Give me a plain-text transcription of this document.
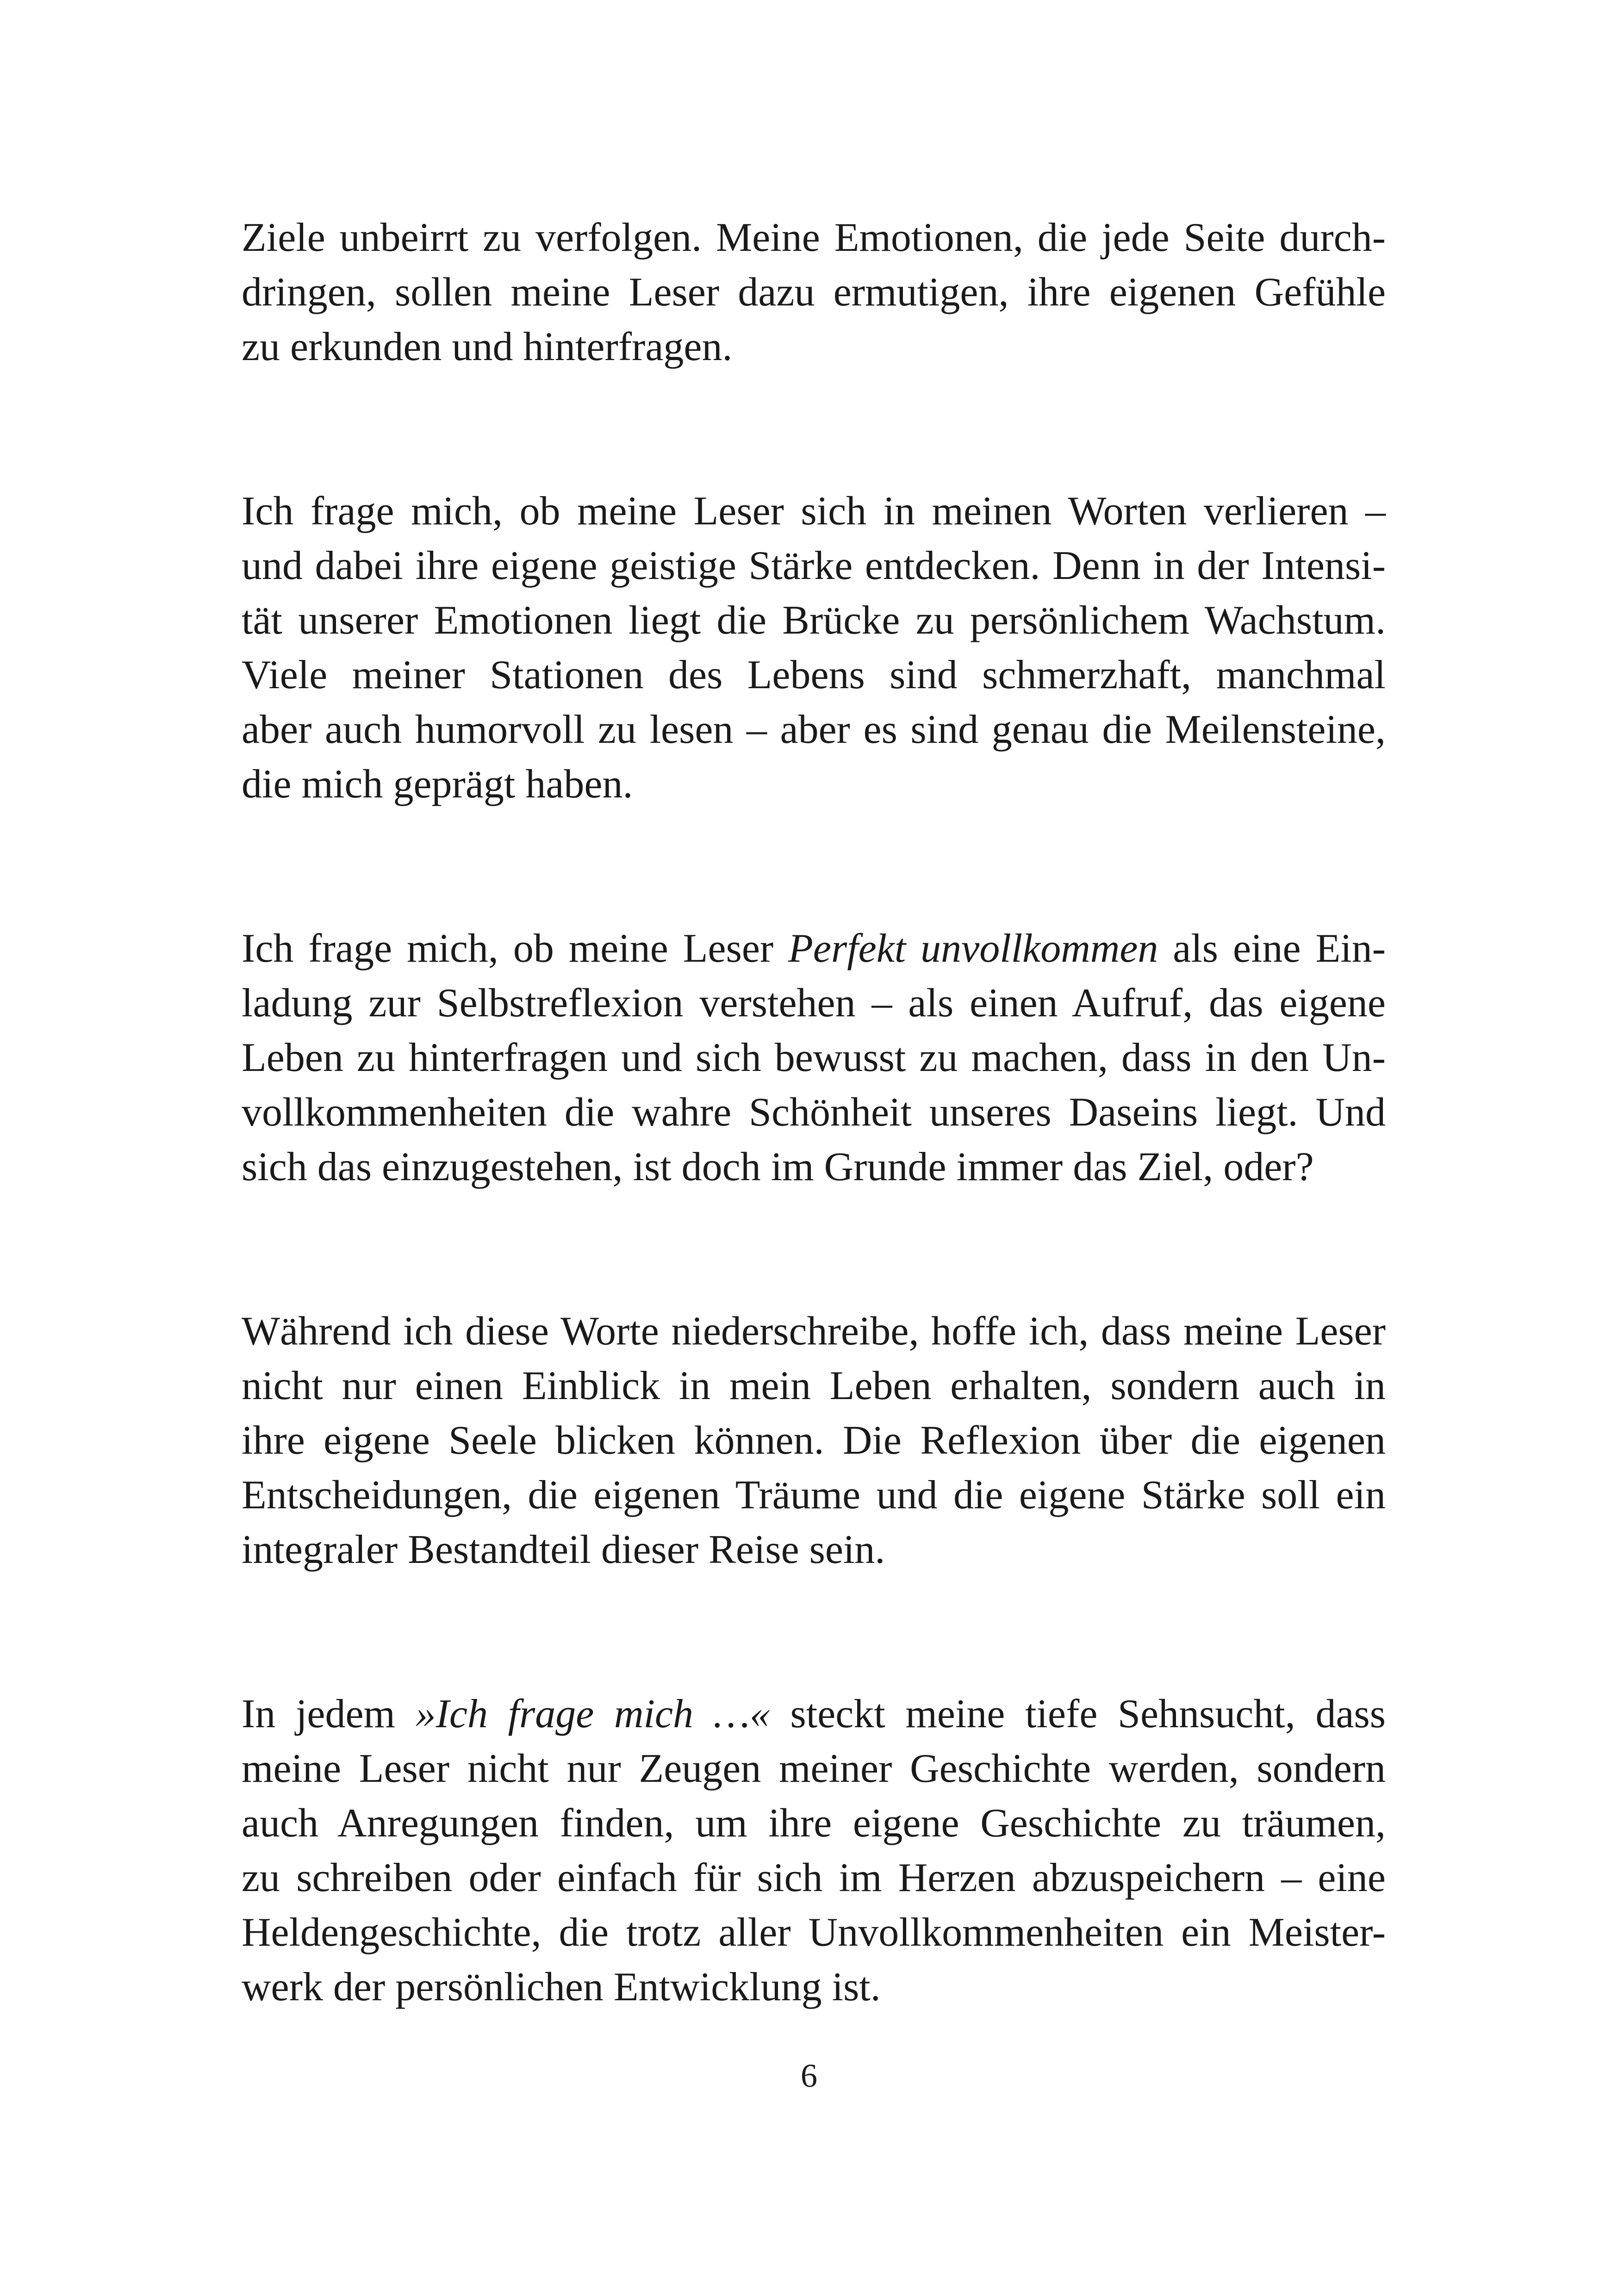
Ziele unbeirrt zu verfolgen. Meine Emotionen, die jede Seite durch-
dringen, sollen meine Leser dazu ermutigen, ihre eigenen Gefühle
zu erkunden und hinterfragen.

Ich frage mich, ob meine Leser sich in meinen Worten verlieren –
und dabei ihre eigene geistige Stärke entdecken. Denn in der Intensi-
tät unserer Emotionen liegt die Brücke zu persönlichem Wachstum.
Viele meiner Stationen des Lebens sind schmerzhaft, manchmal
aber auch humorvoll zu lesen – aber es sind genau die Meilensteine,
die mich geprägt haben.

Ich frage mich, ob meine Leser Perfekt unvollkommen als eine Ein-
ladung zur Selbstreflexion verstehen – als einen Aufruf, das eigene
Leben zu hinterfragen und sich bewusst zu machen, dass in den Un-
vollkommenheiten die wahre Schönheit unseres Daseins liegt. Und
sich das einzugestehen, ist doch im Grunde immer das Ziel, oder?

Während ich diese Worte niederschreibe, hoffe ich, dass meine Leser
nicht nur einen Einblick in mein Leben erhalten, sondern auch in
ihre eigene Seele blicken können. Die Reflexion über die eigenen
Entscheidungen, die eigenen Träume und die eigene Stärke soll ein
integraler Bestandteil dieser Reise sein.

In jedem »Ich frage mich …« steckt meine tiefe Sehnsucht, dass
meine Leser nicht nur Zeugen meiner Geschichte werden, sondern
auch Anregungen finden, um ihre eigene Geschichte zu träumen,
zu schreiben oder einfach für sich im Herzen abzuspeichern – eine
Heldengeschichte, die trotz aller Unvollkommenheiten ein Meister-
werk der persönlichen Entwicklung ist.

6
